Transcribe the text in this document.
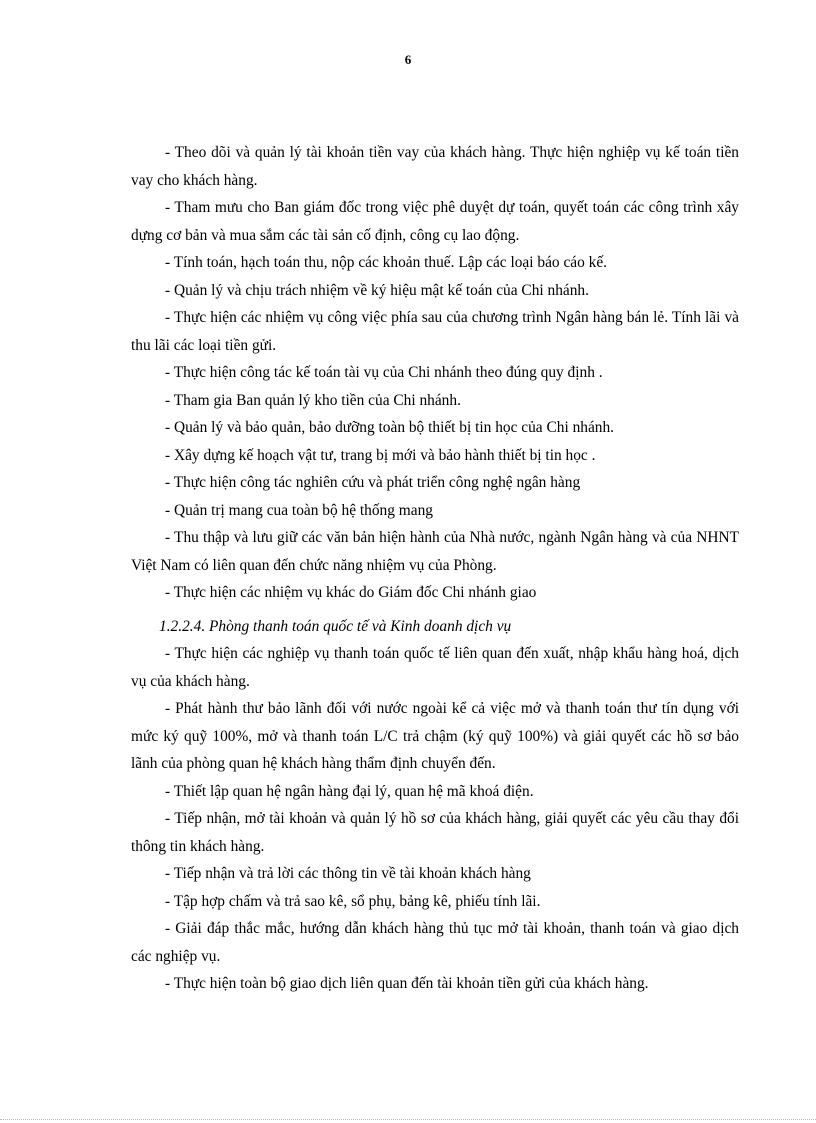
6

- Theo dõi và quản lý tài khoản tiền vay của khách hàng. Thực hiện nghiệp vụ kế toán tiền vay cho khách hàng.

- Tham mưu cho Ban giám đốc trong việc phê duyệt dự toán, quyết toán các công trình xây dựng cơ bản và mua sắm các tài sản cố định, công cụ lao động.

- Tính toán, hạch toán thu, nộp các khoản thuế. Lập các loại báo cáo kế.

- Quản lý và chịu trách nhiệm về ký hiệu mật kế toán của Chi nhánh.

- Thực hiện các nhiệm vụ công việc phía sau của chương trình Ngân hàng bán lẻ. Tính lãi và thu lãi các loại tiền gửi.

- Thực hiện công tác kế toán tài vụ của Chi nhánh theo đúng quy định .

- Tham gia Ban quản lý kho tiền của Chi nhánh.

- Quản lý và bảo quản, bảo dưỡng toàn bộ thiết bị tin học của Chi nhánh.

- Xây dựng kế hoạch vật tư, trang bị mới và bảo hành thiết bị tin học .

- Thực hiện công tác nghiên cứu và phát triển công nghệ ngân hàng

- Quản trị mang cua toàn bộ hệ thống mang

- Thu thập và lưu giữ các văn bản hiện hành của Nhà nước, ngành Ngân hàng và của NHNT Việt Nam có liên quan đến chức năng nhiệm vụ của Phòng.

- Thực hiện các nhiệm vụ khác do Giám đốc Chi nhánh giao

1.2.2.4. Phòng thanh toán quốc tế và Kinh doanh dịch vụ

- Thực hiện các nghiệp vụ thanh toán quốc tế liên quan đến xuất, nhập khẩu hàng hoá, dịch vụ của khách hàng.

- Phát hành thư bảo lãnh đối với nước ngoài kể cả việc mở và thanh toán thư tín dụng với mức ký quỹ 100%, mở và thanh toán L/C trả chậm (ký quỹ 100%) và giải quyết các hồ sơ bảo lãnh của phòng quan hệ khách hàng thẩm định chuyển đến.

- Thiết lập quan hệ ngân hàng đại lý, quan hệ mã khoá điện.

- Tiếp nhận, mở tài khoản và quản lý hồ sơ của khách hàng, giải quyết các yêu cầu thay đổi thông tin khách hàng.

- Tiếp nhận và trả lời các thông tin về tài khoản khách hàng

- Tập hợp chấm và trả sao kê, sổ phụ, bảng kê, phiếu tính lãi.

- Giải đáp thắc mắc, hướng dẫn khách hàng thủ tục mở tài khoản, thanh toán và giao dịch các nghiệp vụ.

- Thực hiện toàn bộ giao dịch liên quan đến tài khoản tiền gửi của khách hàng.
